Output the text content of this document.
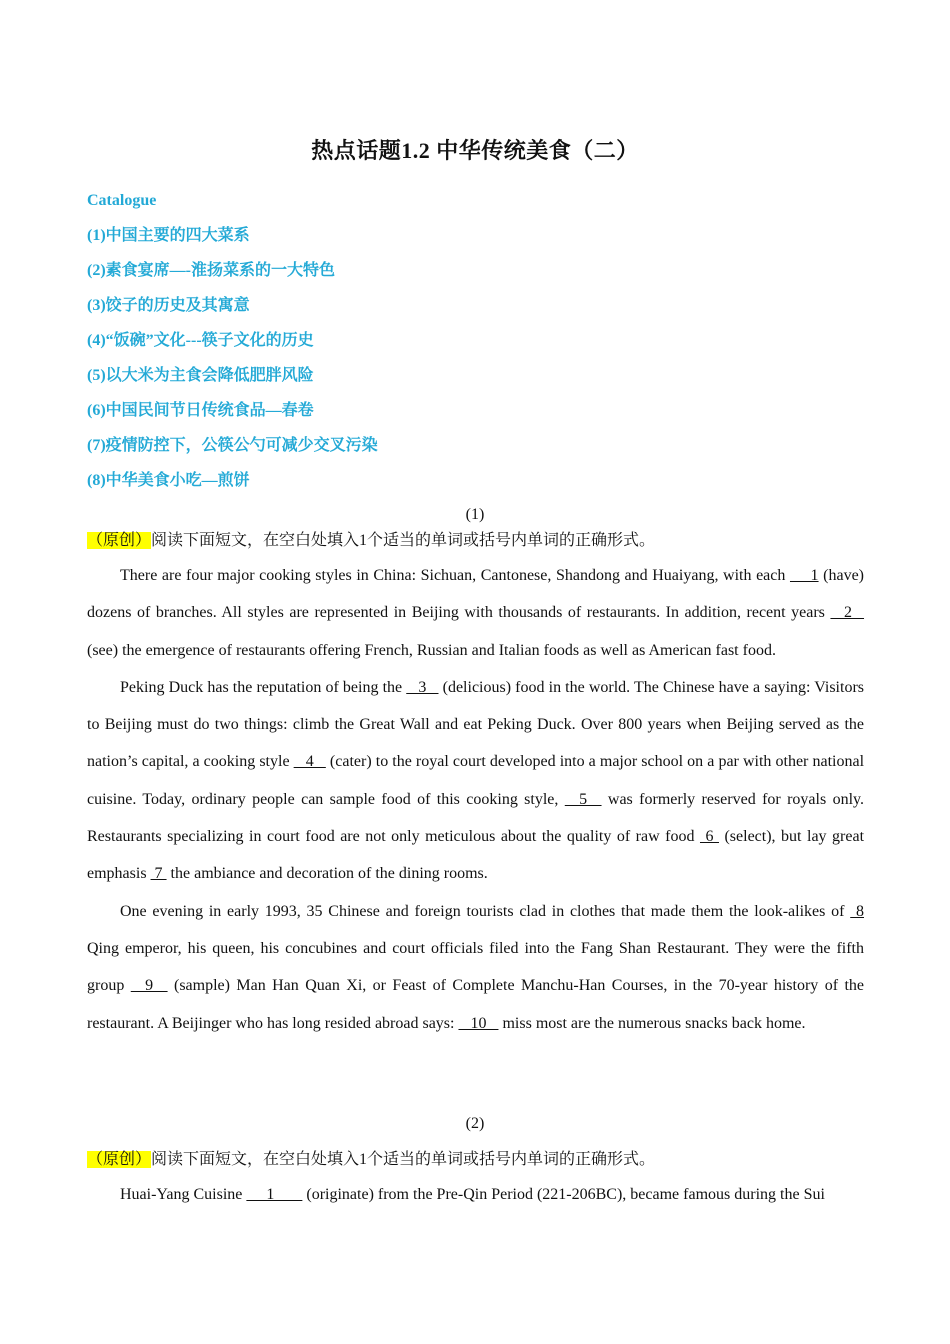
热点话题1.2 中华传统美食（二）
Catalogue
(1)中国主要的四大菜系
(2)素食宴席—-淮扬菜系的一大特色
(3)饺子的历史及其寓意
(4)“饭碗”文化---筷子文化的历史
(5)以大米为主食会降低肥胖风险
(6)中国民间节日传统食品—春卷
(7)疫情防控下，公筷公勺可减少交叉污染
(8)中华美食小吃—煎饼
(1)
（原创）阅读下面短文，在空白处填入1个适当的单词或括号内单词的正确形式。

There are four major cooking styles in China: Sichuan, Cantonese, Shandong and Huaiyang, with each  __1 (have) dozens of branches. All styles are represented in Beijing with thousands of restaurants. In addition, recent years  _2_  (see) the emergence of restaurants offering French, Russian and Italian foods as well as American fast food.

Peking Duck has the reputation of being the  _3_  (delicious) food in the world. The Chinese have a saying: Visitors to Beijing must do two things: climb the Great Wall and eat Peking Duck. Over 800 years when Beijing served as the nation’s capital, a cooking style  _4_  (cater) to the royal court developed into a major school on a par with other national cuisine. Today, ordinary people can sample food of this cooking style,  _5_  was formerly reserved for royals only. Restaurants specializing in court food are not only meticulous about the quality of raw food  6  (select), but lay great emphasis  7  the ambiance and decoration of the dining rooms.

One evening in early 1993, 35 Chinese and foreign tourists clad in clothes that made them the look-alikes of  8 Qing emperor, his queen, his concubines and court officials filed into the Fang Shan Restaurant. They were the fifth group  _9_  (sample) Man Han Quan Xi, or Feast of Complete Manchu-Han Courses, in the 70-year history of the restaurant. A Beijinger who has long resided abroad says:  _10_  miss most are the numerous snacks back home.

(2)
（原创）阅读下面短文，在空白处填入1个适当的单词或括号内单词的正确形式。

Huai-Yang Cuisine  __1___  (originate) from the Pre-Qin Period (221-206BC), became famous during the Sui
